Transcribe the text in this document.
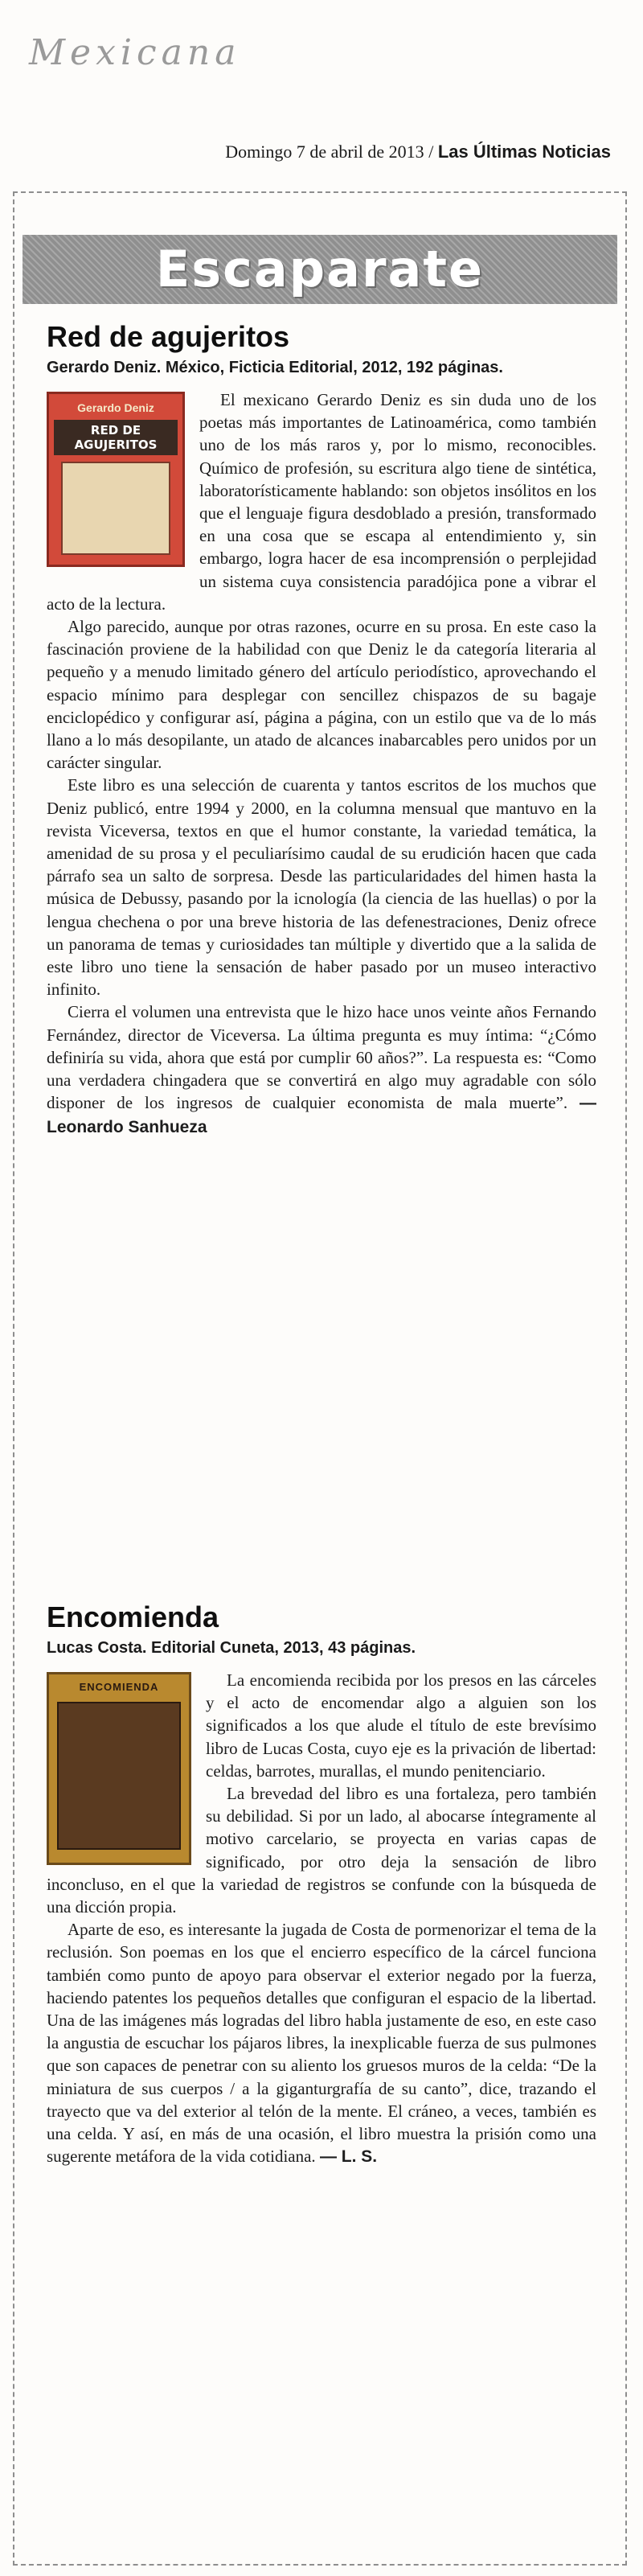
Mexicana
Domingo 7 de abril de 2013 / Las Últimas Noticias
Escaparate
Red de agujeritos
Gerardo Deniz. México, Ficticia Editorial, 2012, 192 páginas.
Gerardo Deniz
RED DE AGUJERITOS

El mexicano Gerardo Deniz es sin duda uno de los poetas más importantes de Latinoamérica, como también uno de los más raros y, por lo mismo, reconocibles. Químico de profesión, su escritura algo tiene de sintética, laboratorísticamente hablando: son objetos insólitos en los que el lenguaje figura desdoblado a presión, transformado en una cosa que se escapa al entendimiento y, sin embargo, logra hacer de esa incomprensión o perplejidad un sistema cuya consistencia paradójica pone a vibrar el acto de la lectura.

Algo parecido, aunque por otras razones, ocurre en su prosa. En este caso la fascinación proviene de la habilidad con que Deniz le da categoría literaria al pequeño y a menudo limitado género del artículo periodístico, aprovechando el espacio mínimo para desplegar con sencillez chispazos de su bagaje enciclopédico y configurar así, página a página, con un estilo que va de lo más llano a lo más desopilante, un atado de alcances inabarcables pero unidos por un carácter singular.

Este libro es una selección de cuarenta y tantos escritos de los muchos que Deniz publicó, entre 1994 y 2000, en la columna mensual que mantuvo en la revista Viceversa, textos en que el humor constante, la variedad temática, la amenidad de su prosa y el peculiarísimo caudal de su erudición hacen que cada párrafo sea un salto de sorpresa. Desde las particularidades del himen hasta la música de Debussy, pasando por la icnología (la ciencia de las huellas) o por la lengua chechena o por una breve historia de las defenestraciones, Deniz ofrece un panorama de temas y curiosidades tan múltiple y divertido que a la salida de este libro uno tiene la sensación de haber pasado por un museo interactivo infinito.

Cierra el volumen una entrevista que le hizo hace unos veinte años Fernando Fernández, director de Viceversa. La última pregunta es muy íntima: “¿Cómo definiría su vida, ahora que está por cumplir 60 años?”. La respuesta es: “Como una verdadera chingadera que se convertirá en algo muy agradable con sólo disponer de los ingresos de cualquier economista de mala muerte”. — Leonardo Sanhueza

Encomienda
Lucas Costa. Editorial Cuneta, 2013, 43 páginas.
ENCOMIENDA	La encomienda recibida por los presos en las cárceles y el acto de encomendar algo a alguien son los significados a los que alude el título de este brevísimo libro de Lucas Costa, cuyo eje es la privación de libertad: celdas, barrotes, murallas, el mundo penitenciario.

La brevedad del libro es una fortaleza, pero también su debilidad. Si por un lado, al abocarse íntegramente al motivo carcelario, se proyecta en varias capas de significado, por otro deja la sensación de libro inconcluso, en el que la variedad de registros se confunde con la búsqueda de una dicción propia.

Aparte de eso, es interesante la jugada de Costa de pormenorizar el tema de la reclusión. Son poemas en los que el encierro específico de la cárcel funciona también como punto de apoyo para observar el exterior negado por la fuerza, haciendo patentes los pequeños detalles que configuran el espacio de la libertad. Una de las imágenes más logradas del libro habla justamente de eso, en este caso la angustia de escuchar los pájaros libres, la inexplicable fuerza de sus pulmones que son capaces de penetrar con su aliento los gruesos muros de la celda: “De la miniatura de sus cuerpos / a la giganturgrafía de su canto”, dice, trazando el trayecto que va del exterior al telón de la mente. El cráneo, a veces, también es una celda. Y así, en más de una ocasión, el libro muestra la prisión como una sugerente metáfora de la vida cotidiana. — L. S.
